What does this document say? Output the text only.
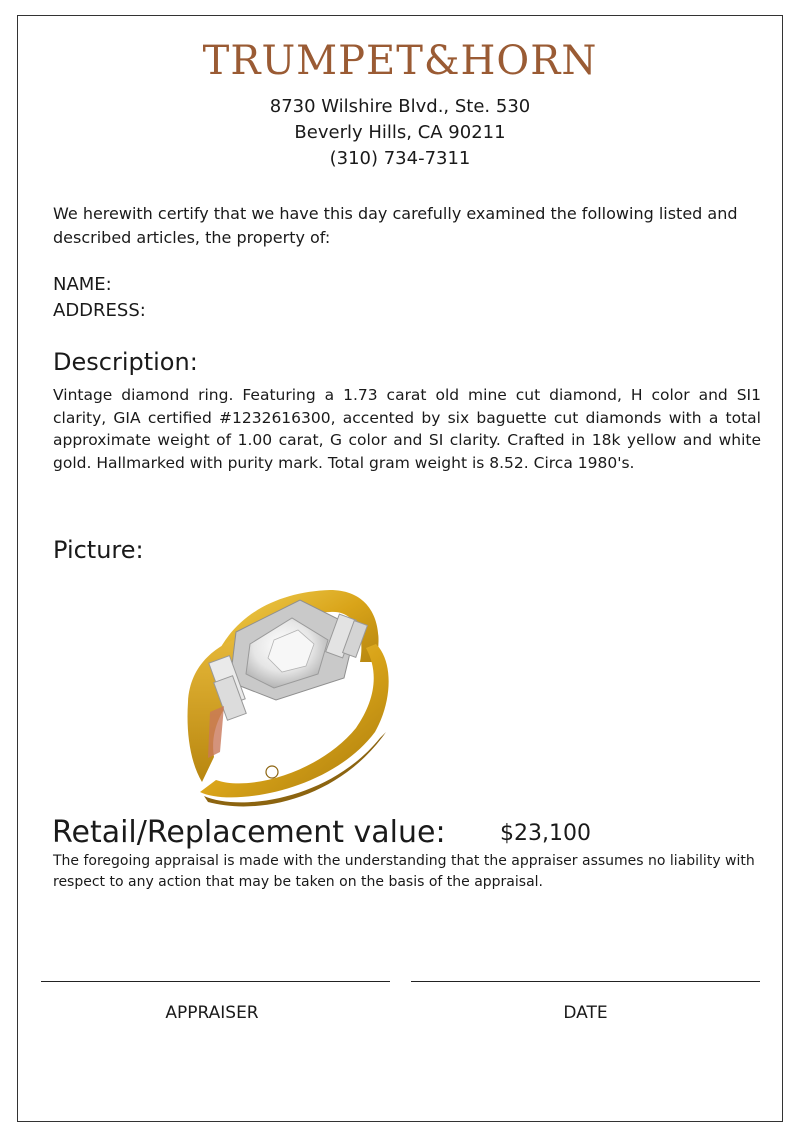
TRUMPET&HORN
8730 Wilshire Blvd., Ste. 530
Beverly Hills, CA 90211
(310) 734-7311
We herewith certify that we have this day carefully examined the following listed and described articles, the property of:
NAME:
ADDRESS:
Description:
Vintage diamond ring. Featuring a 1.73 carat old mine cut diamond, H color and SI1 clarity, GIA certified #1232616300, accented by six baguette cut diamonds with a total approximate weight of 1.00 carat, G color and SI clarity. Crafted in 18k yellow and white gold. Hallmarked with purity mark. Total gram weight is 8.52. Circa 1980's.
Picture:
Retail/Replacement value: $23,100
The foregoing appraisal is made with the understanding that the appraiser assumes no liability with respect to any action that may be taken on the basis of the appraisal.
APPRAISER	DATE
